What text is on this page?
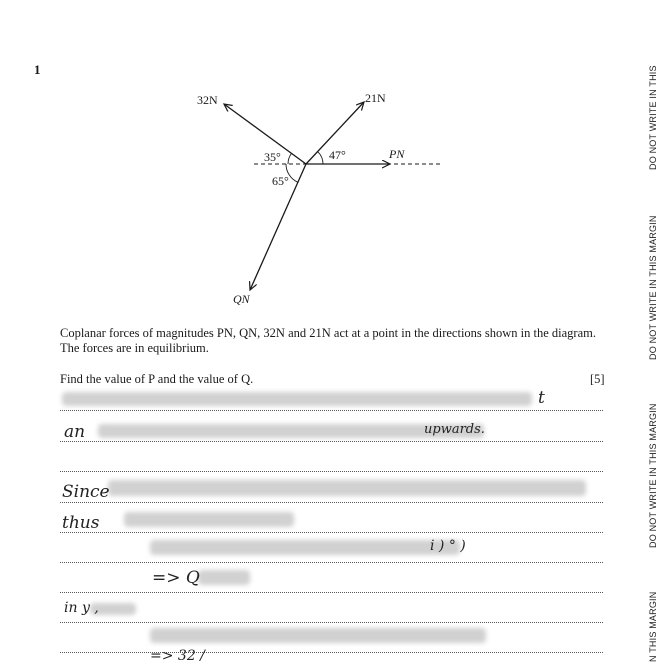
1
32N	21N
PN
QN
35°	47°
65°
Coplanar forces of magnitudes PN, QN, 32N and 21N act at a point in the directions shown in the diagram. The forces are in equilibrium.
Find the value of P and the value of Q.	[5]
t
an	upwards.
Since
thus
i ) ° )
=> Q
in y ,
=> 32 /
DO NOT WRITE IN THIS
DO NOT WRITE IN THIS MARGIN
DO NOT WRITE IN THIS MARGIN
N THIS MARGIN
